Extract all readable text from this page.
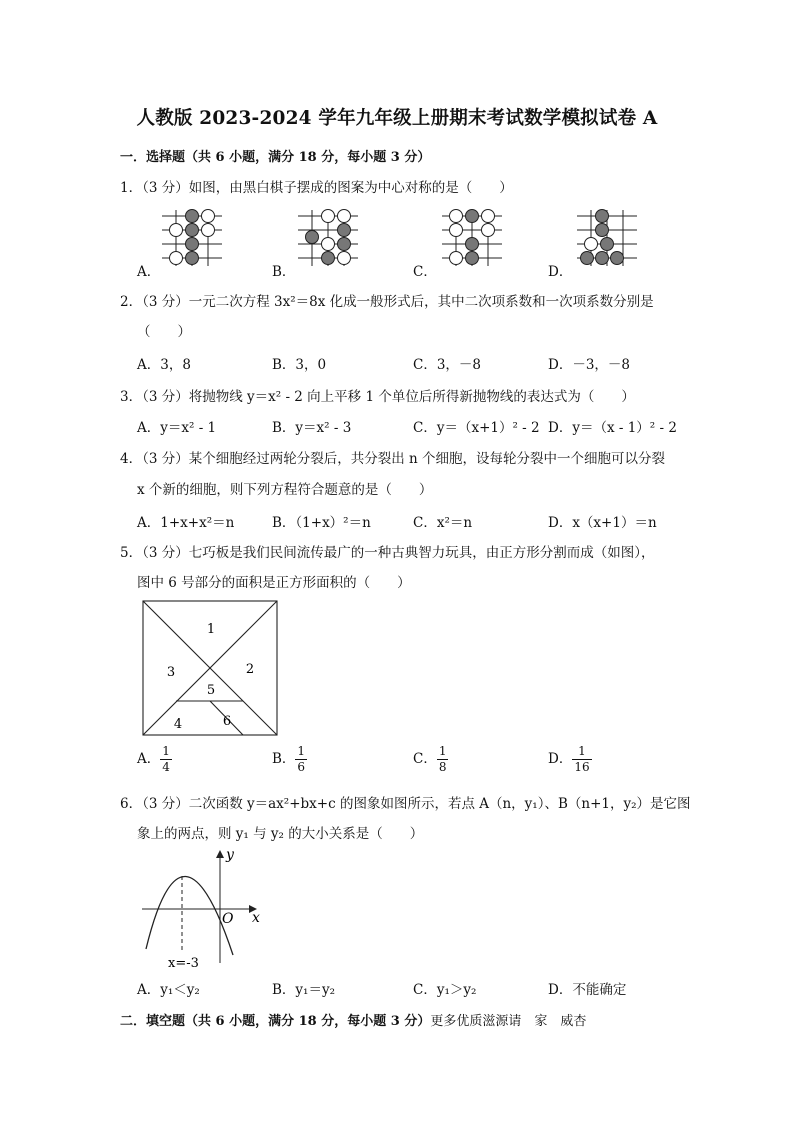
人教版 2023-2024 学年九年级上册期末考试数学模拟试卷 A
一．选择题（共 6 小题，满分 18 分，每小题 3 分）
1．（3 分）如图，由黑白棋子摆成的图案为中心对称的是（　　）
A．	B．	C．	D．
2．（3 分）一元二次方程 3x²＝8x 化成一般形式后，其中二次项系数和一次项系数分别是
（　　）
A．3，8	B．3，0	C．3，－8	D．－3，－8
3．（3 分）将抛物线 y＝x² - 2 向上平移 1 个单位后所得新抛物线的表达式为（　　）
A．y＝x² - 1	B．y＝x² - 3	C．y＝（x+1）² - 2 D．y＝（x - 1）² - 2
4．（3 分）某个细胞经过两轮分裂后，共分裂出 n 个细胞，设每轮分裂中一个细胞可以分裂
x 个新的细胞，则下列方程符合题意的是（　　）
A．1+x+x²＝n	B．（1+x）²＝n	C．x²＝n	D．x（x+1）＝n
5．（3 分）七巧板是我们民间流传最广的一种古典智力玩具，由正方形分割而成（如图），
图中 6 号部分的面积是正方形面积的（　　）
1
2
3
4
5
6
A． $\frac{1}{4}$	B． $\frac{1}{6}$	C． $\frac{1}{8}$	D． $\frac{1}{16}$
6．（3 分）二次函数 y＝ax²+bx+c 的图象如图所示，若点 A（n，y₁）、B（n+1，y₂）是它图
象上的两点，则 y₁ 与 y₂ 的大小关系是（　　）
y
x
O
x=-3
A．y₁＜y₂	B．y₁＝y₂	C．y₁＞y₂	D．不能确定
二．填空题（共 6 小题，满分 18 分，每小题 3 分）更多优质滋源请　家　威杏
